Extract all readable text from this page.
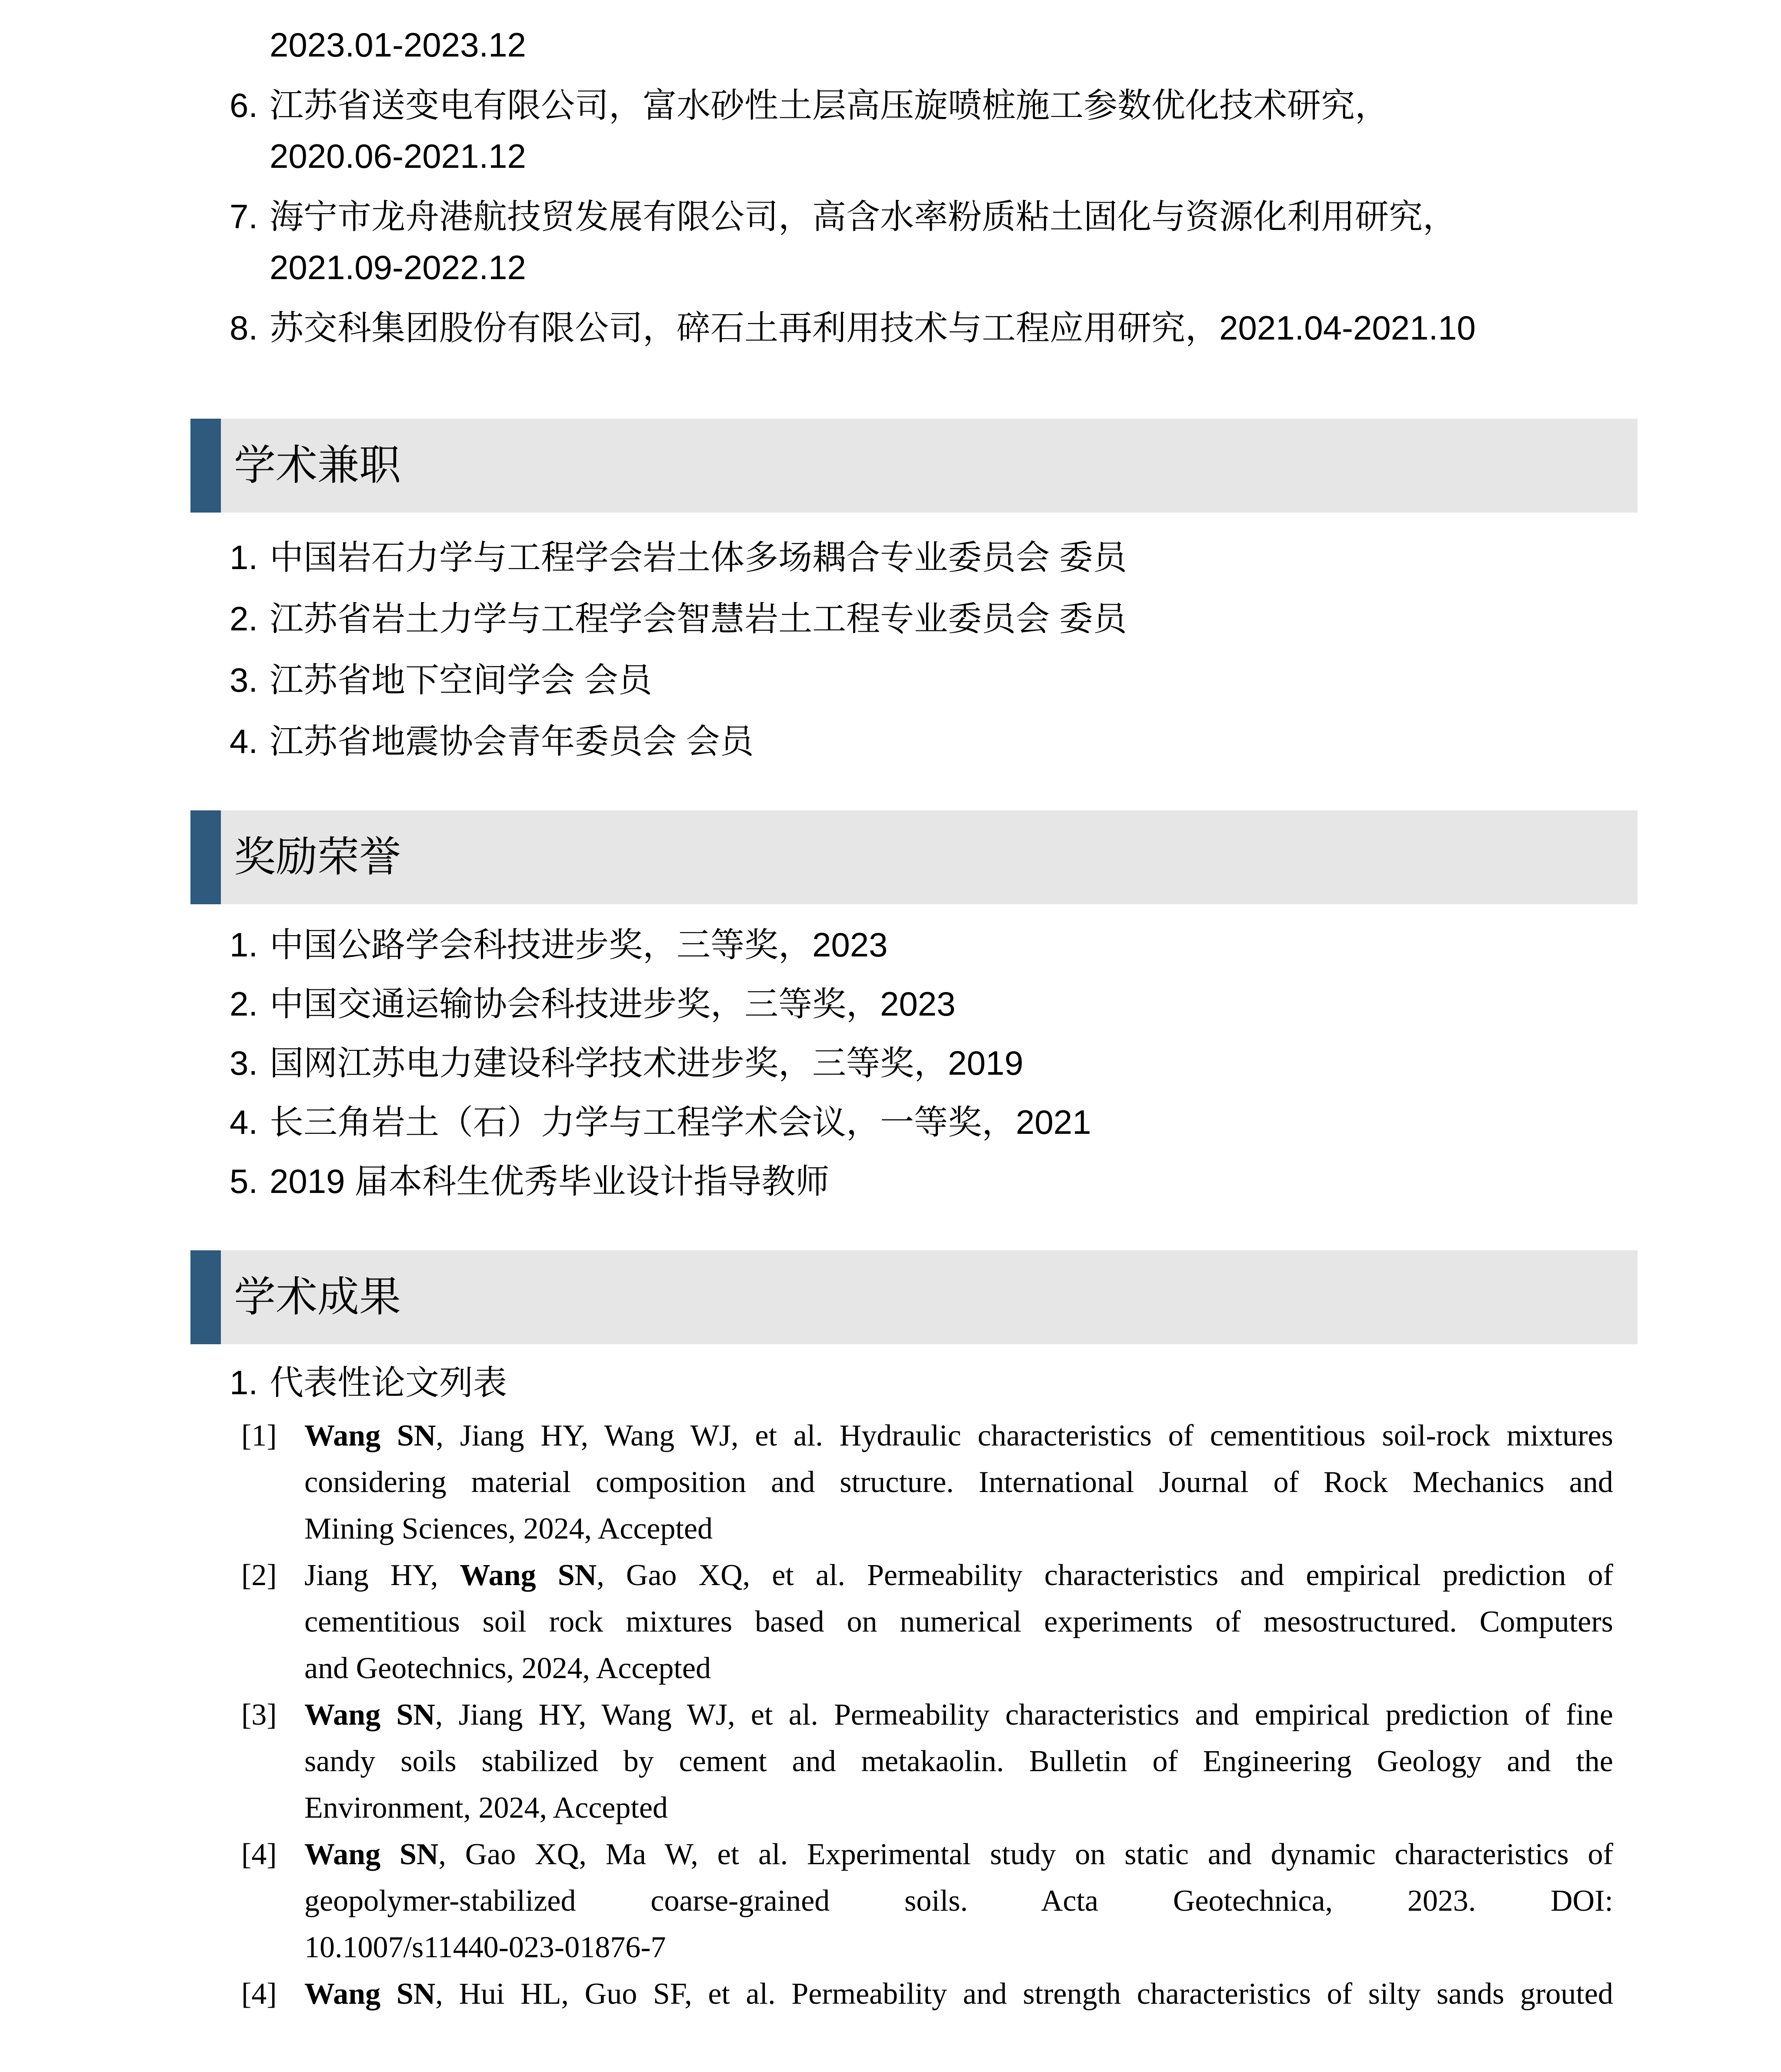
2023.01-2023.12
6. 江苏省送变电有限公司，富水砂性土层高压旋喷桩施工参数优化技术研究，
2020.06-2021.12
7. 海宁市龙舟港航技贸发展有限公司，高含水率粉质粘土固化与资源化利用研究，
2021.09-2022.12
8. 苏交科集团股份有限公司，碎石土再利用技术与工程应用研究，2021.04-2021.10
学术兼职
1. 中国岩石力学与工程学会岩土体多场耦合专业委员会 委员
2. 江苏省岩土力学与工程学会智慧岩土工程专业委员会 委员
3. 江苏省地下空间学会 会员
4. 江苏省地震协会青年委员会 会员
奖励荣誉
1. 中国公路学会科技进步奖，三等奖，2023
2. 中国交通运输协会科技进步奖，三等奖，2023
3. 国网江苏电力建设科学技术进步奖，三等奖，2019
4. 长三角岩土（石）力学与工程学术会议，一等奖，2021
5. 2019 届本科生优秀毕业设计指导教师
学术成果
1. 代表性论文列表
[1] Wang SN, Jiang HY, Wang WJ, et al. Hydraulic characteristics of cementitious soil-rock mixtures
considering material composition and structure. International Journal of Rock Mechanics and
Mining Sciences, 2024, Accepted
[2] Jiang HY, Wang SN, Gao XQ, et al. Permeability characteristics and empirical prediction of
cementitious soil rock mixtures based on numerical experiments of mesostructured. Computers
and Geotechnics, 2024, Accepted
[3] Wang SN, Jiang HY, Wang WJ, et al. Permeability characteristics and empirical prediction of fine
sandy soils stabilized by cement and metakaolin. Bulletin of Engineering Geology and the
Environment, 2024, Accepted
[4] Wang SN, Gao XQ, Ma W, et al. Experimental study on static and dynamic characteristics of
geopolymer-stabilized coarse-grained soils. Acta Geotechnica, 2023. DOI:
10.1007/s11440-023-01876-7
[4] Wang SN, Hui HL, Guo SF, et al. Permeability and strength characteristics of silty sands grouted
